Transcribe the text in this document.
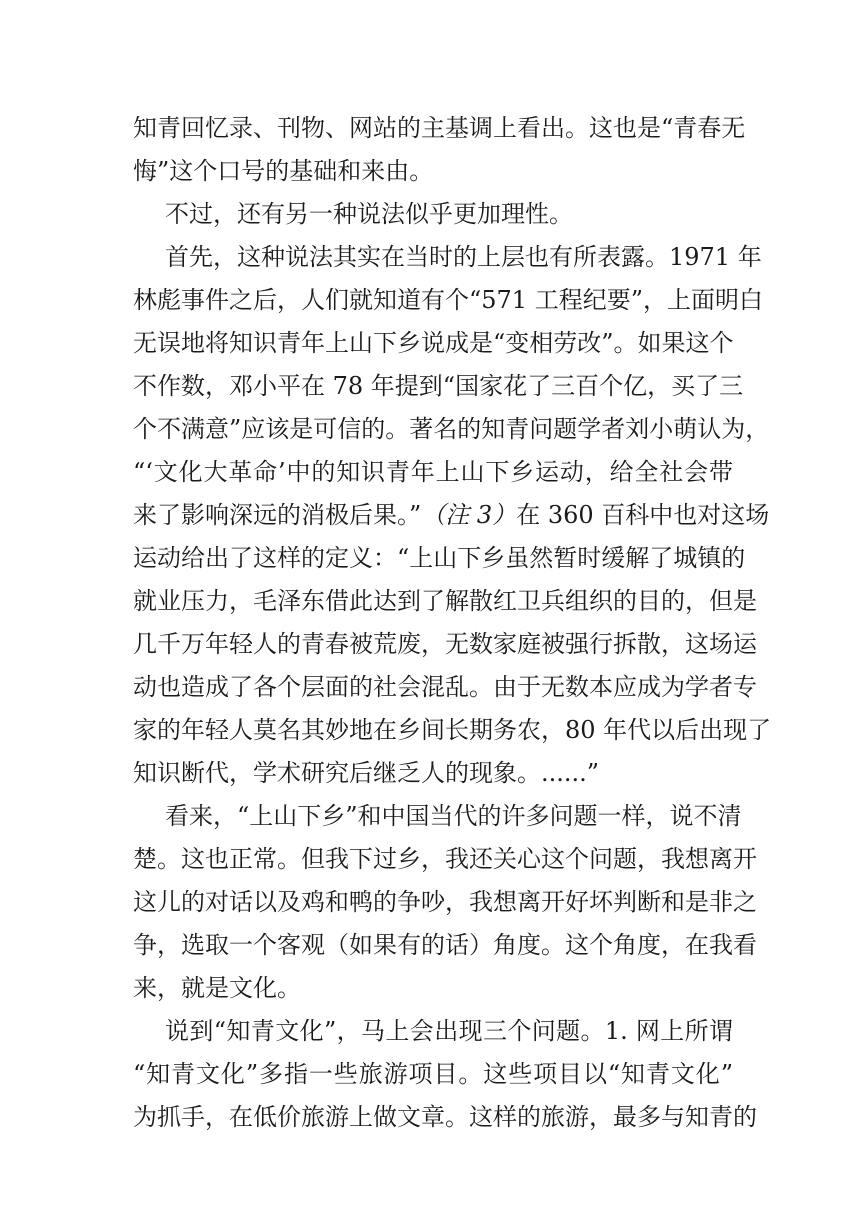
知青回忆录、刊物、网站的主基调上看出。这也是“青春无
悔”这个口号的基础和来由。
不过，还有另一种说法似乎更加理性。
首先，这种说法其实在当时的上层也有所表露。1971 年
林彪事件之后，人们就知道有个“571 工程纪要”，上面明白
无误地将知识青年上山下乡说成是“变相劳改”。如果这个
不作数，邓小平在 78 年提到“国家花了三百个亿，买了三
个不满意”应该是可信的。著名的知青问题学者刘小萌认为，
“‘文化大革命’中的知识青年上山下乡运动，给全社会带
来了影响深远的消极后果。”（注 3）在 360 百科中也对这场
运动给出了这样的定义：“上山下乡虽然暂时缓解了城镇的
就业压力，毛泽东借此达到了解散红卫兵组织的目的，但是
几千万年轻人的青春被荒废，无数家庭被强行拆散，这场运
动也造成了各个层面的社会混乱。由于无数本应成为学者专
家的年轻人莫名其妙地在乡间长期务农，80 年代以后出现了
知识断代，学术研究后继乏人的现象。......”
看来，“上山下乡”和中国当代的许多问题一样，说不清
楚。这也正常。但我下过乡，我还关心这个问题，我想离开
这儿的对话以及鸡和鸭的争吵，我想离开好坏判断和是非之
争，选取一个客观（如果有的话）角度。这个角度，在我看
来，就是文化。
说到“知青文化”，马上会出现三个问题。1. 网上所谓
“知青文化”多指一些旅游项目。这些项目以“知青文化”
为抓手，在低价旅游上做文章。这样的旅游，最多与知青的
